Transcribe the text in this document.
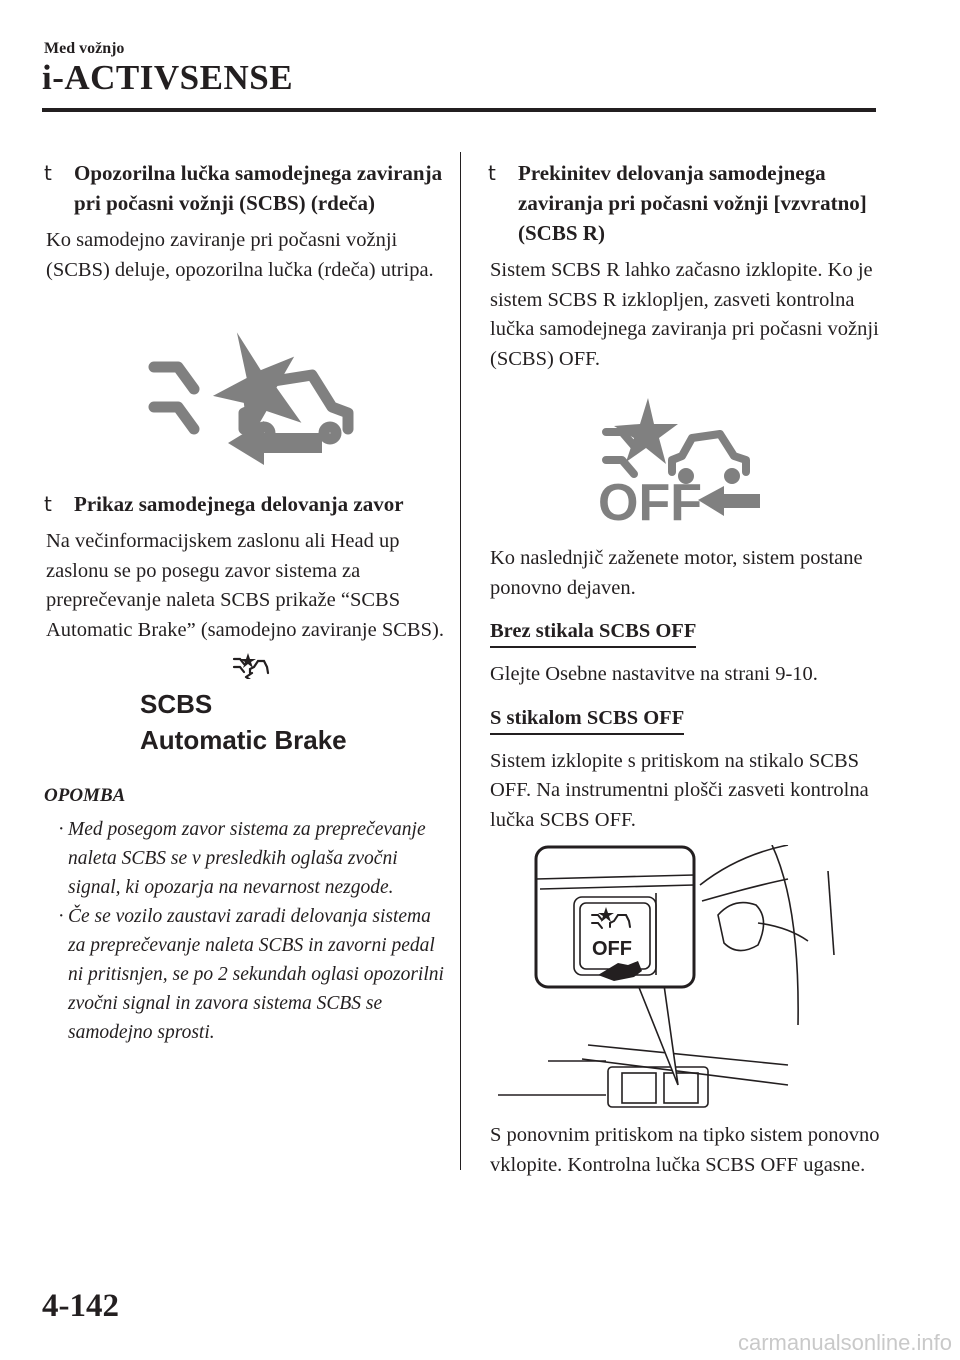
Med vožnjo
i-ACTIVSENSE
t Opozorilna lučka samodejnega zaviranja pri počasni vožnji (SCBS) (rdeča)

Ko samodejno zaviranje pri počasni vožnji (SCBS) deluje, opozorilna lučka (rdeča) utripa.

t Prikaz samodejnega delovanja zavor

Na večinformacijskem zaslonu ali Head up zaslonu se po posegu zavor sistema za preprečevanje naleta SCBS prikaže “SCBS Automatic Brake” (samodejno zaviranje SCBS).

SCBS
Automatic Brake
OPOMBA
· Med posegom zavor sistema za preprečevanje naleta SCBS se v presledkih oglaša zvočni signal, ki opozarja na nevarnost nezgode.
· Če se vozilo zaustavi zaradi delovanja sistema za preprečevanje naleta SCBS in zavorni pedal ni pritisnjen, se po 2 sekundah oglasi opozorilni zvočni signal in zavora sistema SCBS se samodejno sprosti.
t Prekinitev delovanja samodejnega zaviranja pri počasni vožnji [vzvratno] (SCBS R)

Sistem SCBS R lahko začasno izklopite. Ko je sistem SCBS R izklopljen, zasveti kontrolna lučka samodejnega zaviranja pri počasni vožnji (SCBS) OFF.

OFF

Ko naslednjič zaženete motor, sistem postane ponovno dejaven.

Brez stikala SCBS OFF

Glejte Osebne nastavitve na strani 9-10.

S stikalom SCBS OFF

Sistem izklopite s pritiskom na stikalo SCBS OFF. Na instrumentni plošči zasveti kontrolna lučka SCBS OFF.

OFF

S ponovnim pritiskom na tipko sistem ponovno vklopite. Kontrolna lučka SCBS OFF ugasne.

4-142
carmanualsonline.info
